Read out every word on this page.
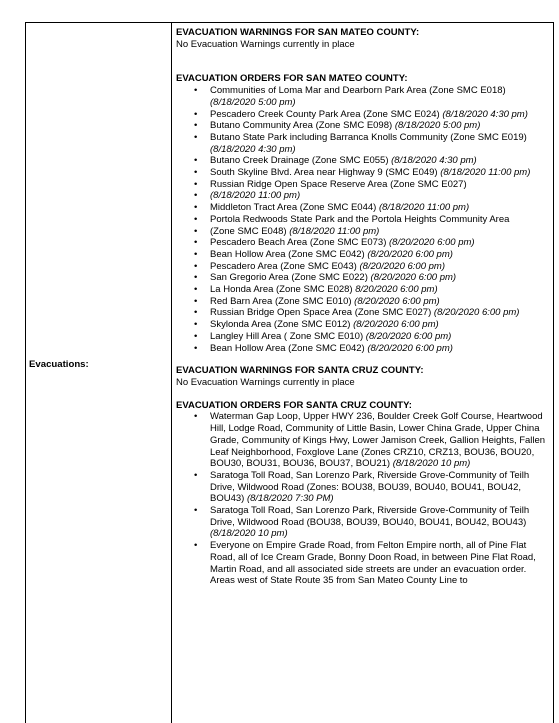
Evacuations:

EVACUATION WARNINGS FOR SAN MATEO COUNTY:

No Evacuation Warnings currently in place

EVACUATION ORDERS FOR SAN MATEO COUNTY:

• Communities of Loma Mar and Dearborn Park Area (Zone SMC E018) (8/18/2020 5:00 pm)
• Pescadero Creek County Park Area (Zone SMC E024) (8/18/2020 4:30 pm)
• Butano Community Area (Zone SMC E098) (8/18/2020 5:00 pm)
• Butano State Park including Barranca Knolls Community (Zone SMC E019) (8/18/2020 4:30 pm)
• Butano Creek Drainage (Zone SMC E055) (8/18/2020 4:30 pm)
• South Skyline Blvd. Area near Highway 9 (SMC E049) (8/18/2020 11:00 pm)
• Russian Ridge Open Space Reserve Area (Zone SMC E027)
• (8/18/2020 11:00 pm)
• Middleton Tract Area (Zone SMC E044) (8/18/2020 11:00 pm)
• Portola Redwoods State Park and the Portola Heights Community Area
• (Zone SMC E048) (8/18/2020 11:00 pm)
• Pescadero Beach Area (Zone SMC E073) (8/20/2020 6:00 pm)
• Bean Hollow Area (Zone SMC E042) (8/20/2020 6:00 pm)
• Pescadero Area (Zone SMC E043) (8/20/2020 6:00 pm)
• San Gregorio Area (Zone SMC E022) (8/20/2020 6:00 pm)
• La Honda Area (Zone SMC E028) 8/20/2020 6:00 pm)
• Red Barn Area (Zone SMC E010) (8/20/2020 6:00 pm)
• Russian Bridge Open Space Area (Zone SMC E027) (8/20/2020 6:00 pm)
• Skylonda Area (Zone SMC E012) (8/20/2020 6:00 pm)
• Langley Hill Area ( Zone SMC E010) (8/20/2020 6:00 pm)
• Bean Hollow Area (Zone SMC E042) (8/20/2020 6:00 pm)

EVACUATION WARNINGS FOR SANTA CRUZ COUNTY:

No Evacuation Warnings currently in place

EVACUATION ORDERS FOR SANTA CRUZ COUNTY:

• Waterman Gap Loop, Upper HWY 236, Boulder Creek Golf Course, Heartwood Hill, Lodge Road, Community of Little Basin, Lower China Grade, Upper China Grade, Community of Kings Hwy, Lower Jamison Creek, Gallion Heights, Fallen Leaf Neighborhood, Foxglove Lane (Zones CRZ10, CRZ13, BOU36, BOU20, BOU30, BOU31, BOU36, BOU37, BOU21) (8/18/2020 10 pm)
• Saratoga Toll Road, San Lorenzo Park, Riverside Grove-Community of Teilh Drive, Wildwood Road (Zones: BOU38, BOU39, BOU40, BOU41, BOU42, BOU43) (8/18/2020 7:30 PM)
• Saratoga Toll Road, San Lorenzo Park, Riverside Grove-Community of Teilh Drive, Wildwood Road (BOU38, BOU39, BOU40, BOU41, BOU42, BOU43) (8/18/2020 10 pm)
• Everyone on Empire Grade Road, from Felton Empire north, all of Pine Flat Road, all of Ice Cream Grade, Bonny Doon Road, in between Pine Flat Road, Martin Road, and all associated side streets are under an evacuation order. Areas west of State Route 35 from San Mateo County Line to
